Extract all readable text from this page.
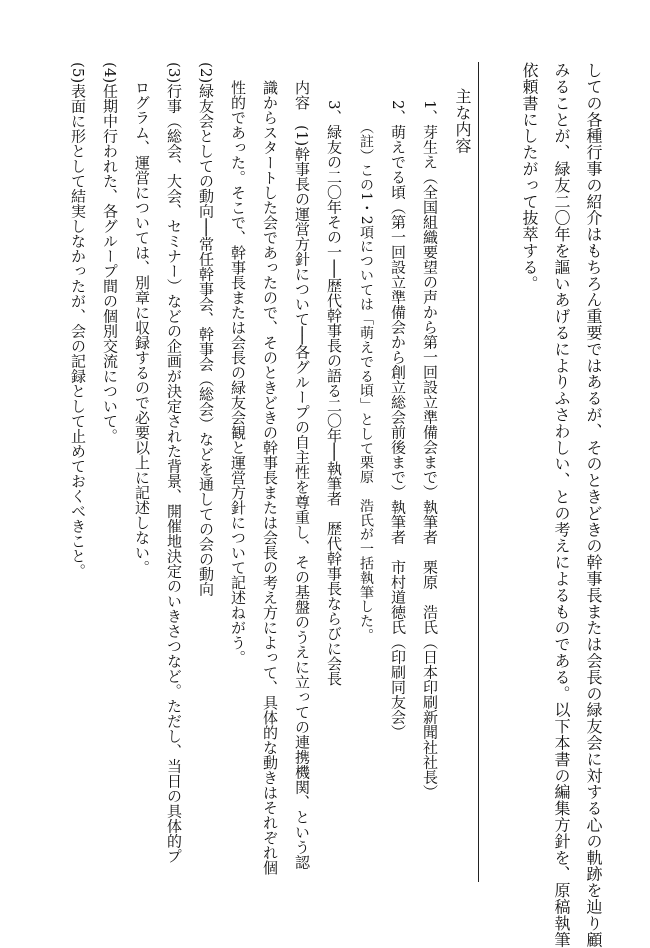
しての各種行事の紹介はもちろん重要ではあるが、そのときどきの幹事長または会長の緑友会に対する心の軌跡を辿り顧
みることが、緑友二〇年を謳いあげるによりふさわしい、との考えによるものである。以下本書の編集方針を、原稿執筆
依頼書にしたがって抜萃する。
主な内容
1、芽生え（全国組織要望の声から第一回設立準備会まで）執筆者　栗原　浩氏（日本印刷新聞社社長）
2、萌えでる頃（第一回設立準備会から創立総会前後まで）執筆者　市村道徳氏（印刷同友会）
（註）この1・2項については「萌えでる頃」として栗原　浩氏が一括執筆した。
3、緑友の二〇年その一──歴代幹事長の語る二〇年──執筆者　歴代幹事長ならびに会長
内容　(1)幹事長の運営方針について──各グループの自主性を尊重し、その基盤のうえに立っての連携機関、という認
識からスタートした会であったので、そのときどきの幹事長または会長の考え方によって、具体的な動きはそれぞれ個
性的であった。そこで、幹事長または会長の緑友会観と運営方針について記述ねがう。
(2)緑友会としての動向──常任幹事会、幹事会（総会）などを通しての会の動向
(3)行事（総会、大会、セミナー）などの企画が決定された背景、開催地決定のいきさつなど。ただし、当日の具体的プ
ログラム、運営については、別章に収録するので必要以上に記述しない。
(4)任期中行われた、各グループ間の個別交流について。
(5)表面に形として結実しなかったが、会の記録として止めておくべきこと。
